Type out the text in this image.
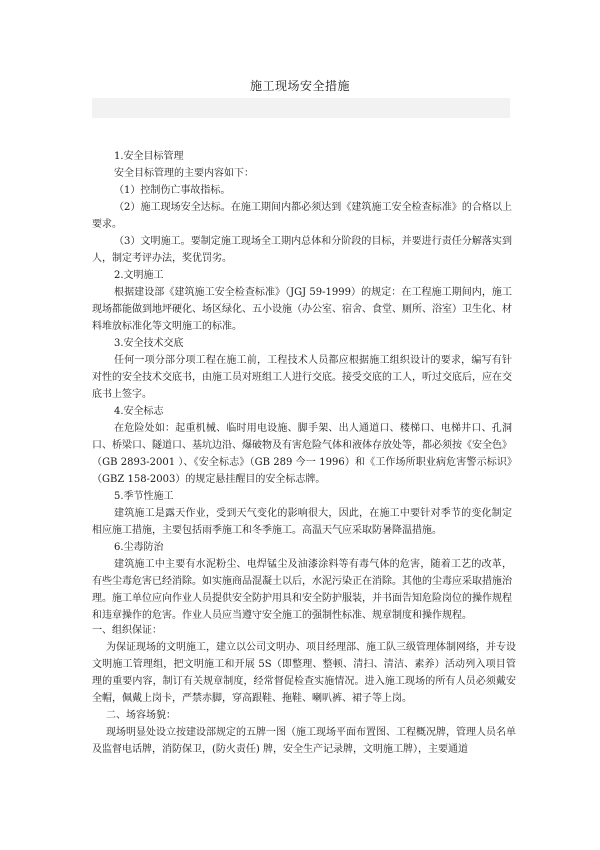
施工现场安全措施

1.安全目标管理

安全目标管理的主要内容如下：

（1）控制伤亡事故指标。

（2）施工现场安全达标。在施工期间内都必须达到《建筑施工安全检查标准》的合格以上要求。

（3）文明施工。要制定施工现场全工期内总体和分阶段的目标，并要进行责任分解落实到人，制定考评办法，奖优罚劣。

2.文明施工

根据建设部《建筑施工安全检查标准》（JGJ 59-1999）的规定：在工程施工期间内，施工现场都能做到地坪硬化、场区绿化、五小设施（办公室、宿舍、食堂、厕所、浴室）卫生化、材料堆放标准化等文明施工的标准。

3.安全技术交底

任何一项分部分项工程在施工前，工程技术人员都应根据施工组织设计的要求，编写有针对性的安全技术交底书，由施工员对班组工人进行交底。接受交底的工人，听过交底后，应在交底书上签字。

4.安全标志

在危险处如：起重机械、临时用电设施、脚手架、出人通道口、楼梯口、电梯井口、孔洞口、桥梁口、隧道口、基坑边沿、爆破物及有害危险气体和液体存放处等，都必须按《安全色》（GB 2893-2001 ）、《安全标志》（GB 289 今一 1996）和《工作场所职业病危害警示标识》（GBZ 158-2003）的规定悬挂醒目的安全标志牌。

5.季节性施工

建筑施工是露天作业，受到天气变化的影响很大，因此，在施工中要针对季节的变化制定相应施工措施，主要包括雨季施工和冬季施工。高温天气应采取防暑降温措施。

6.尘毒防治

建筑施工中主要有水泥粉尘、电焊锰尘及油漆涂料等有毒气体的危害，随着工艺的改革，有些尘毒危害已经消除。如实施商品混凝土以后，水泥污染正在消除。其他的尘毒应采取措施治理。施工单位应向作业人员提供安全防护用具和安全防护服装，并书面告知危险岗位的操作规程和违章操作的危害。作业人员应当遵守安全施工的强制性标准、规章制度和操作规程。

一、组织保证：

为保证现场的文明施工，建立以公司文明办、项目经理部、施工队三级管理体制网络，并专设文明施工管理组，把文明施工和开展 5S（即整理、整顿、清扫、清洁、素养）活动列入项目管理的重要内容，制订有关规章制度，经常督促检查实施情况。进入施工现场的所有人员必须戴安全帽，佩戴上岗卡，严禁赤脚，穿高跟鞋、拖鞋、喇叭裤、裙子等上岗。

二、场容场貌：

现场明显处设立按建设部规定的五牌一图（施工现场平面布置图、工程概况牌，管理人员名单及监督电话牌，消防保卫，(防火责任) 牌，安全生产记录牌，文明施工牌），主要通道
